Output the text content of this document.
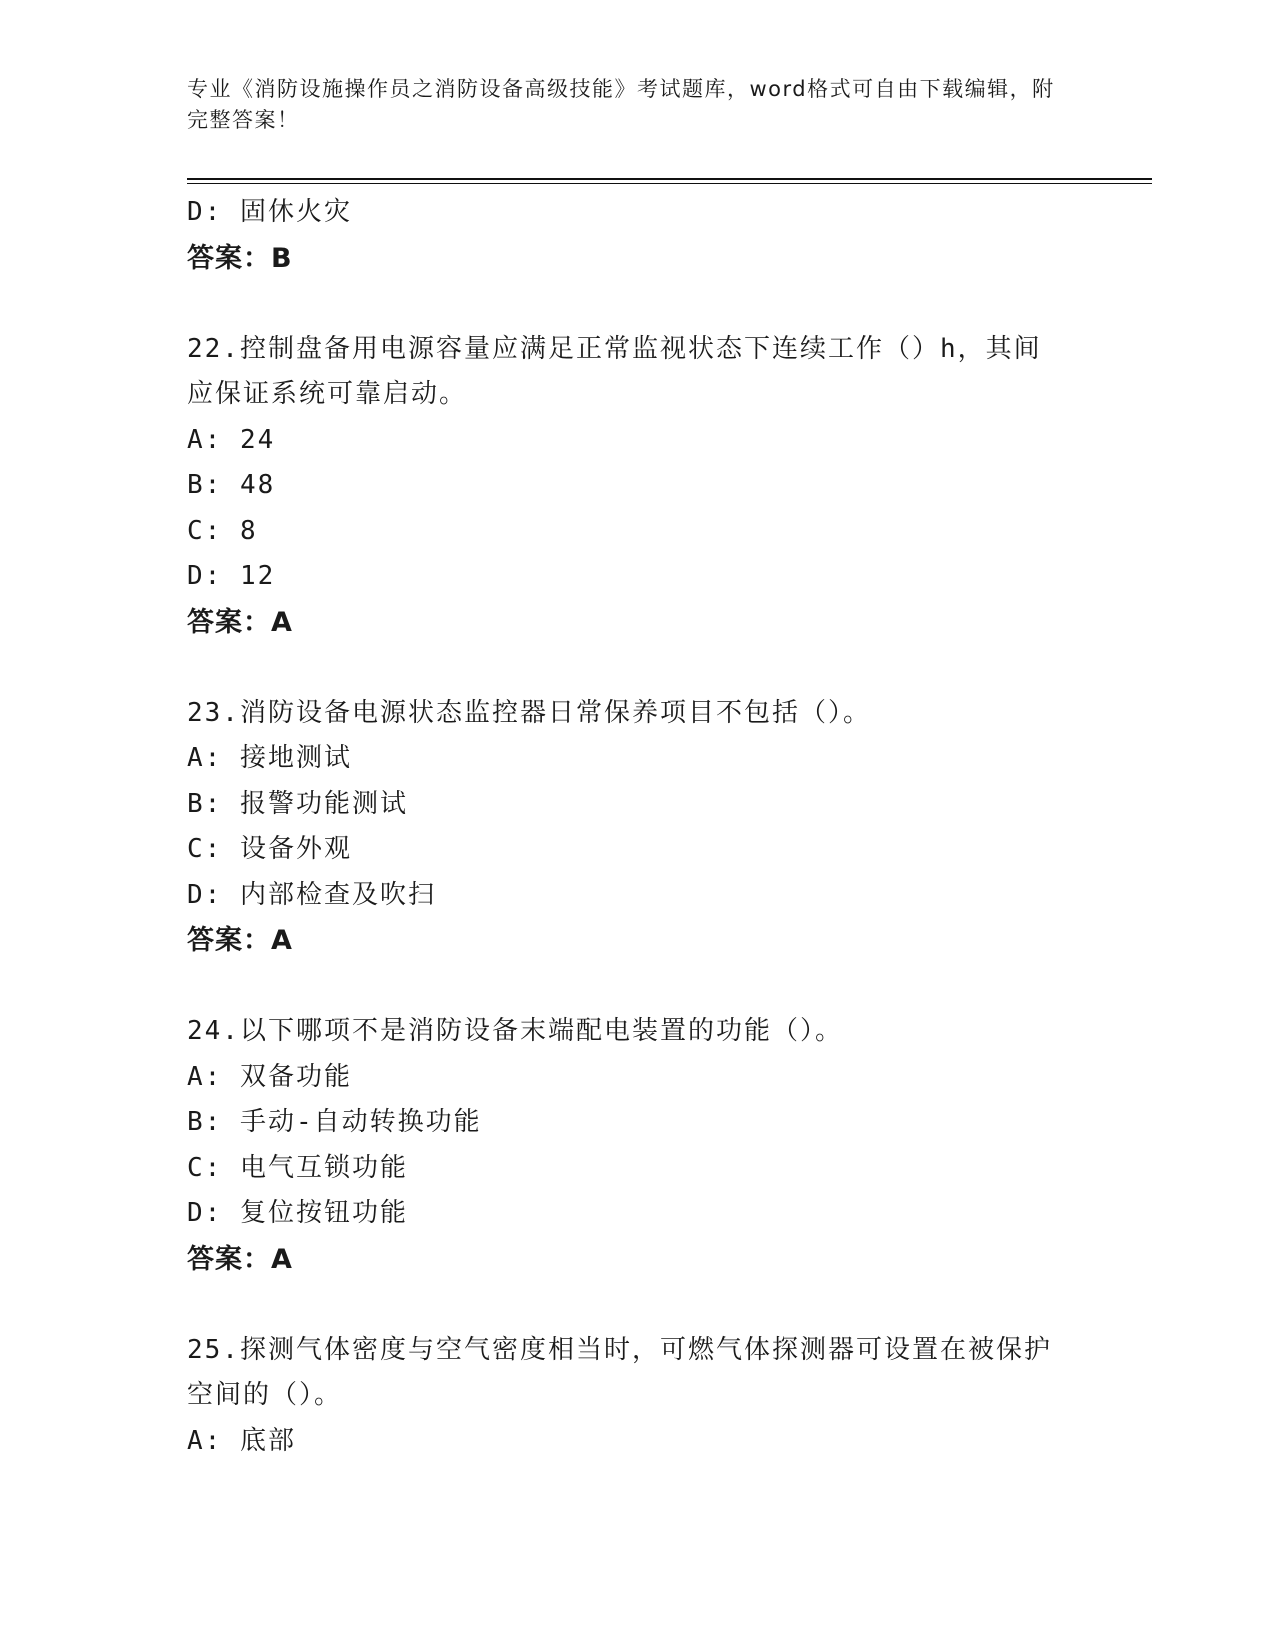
专业《消防设施操作员之消防设备高级技能》考试题库，word格式可自由下载编辑，附完整答案！
D: 固休火灾
答案：B
22.控制盘备用电源容量应满足正常监视状态下连续工作（）h，其间应保证系统可靠启动。
A: 24
B: 48
C: 8
D: 12
答案：A
23.消防设备电源状态监控器日常保养项目不包括（）。
A: 接地测试
B: 报警功能测试
C: 设备外观
D: 内部检查及吹扫
答案：A
24.以下哪项不是消防设备末端配电装置的功能（）。
A: 双备功能
B: 手动-自动转换功能
C: 电气互锁功能
D: 复位按钮功能
答案：A
25.探测气体密度与空气密度相当时，可燃气体探测器可设置在被保护空间的（）。
A: 底部
